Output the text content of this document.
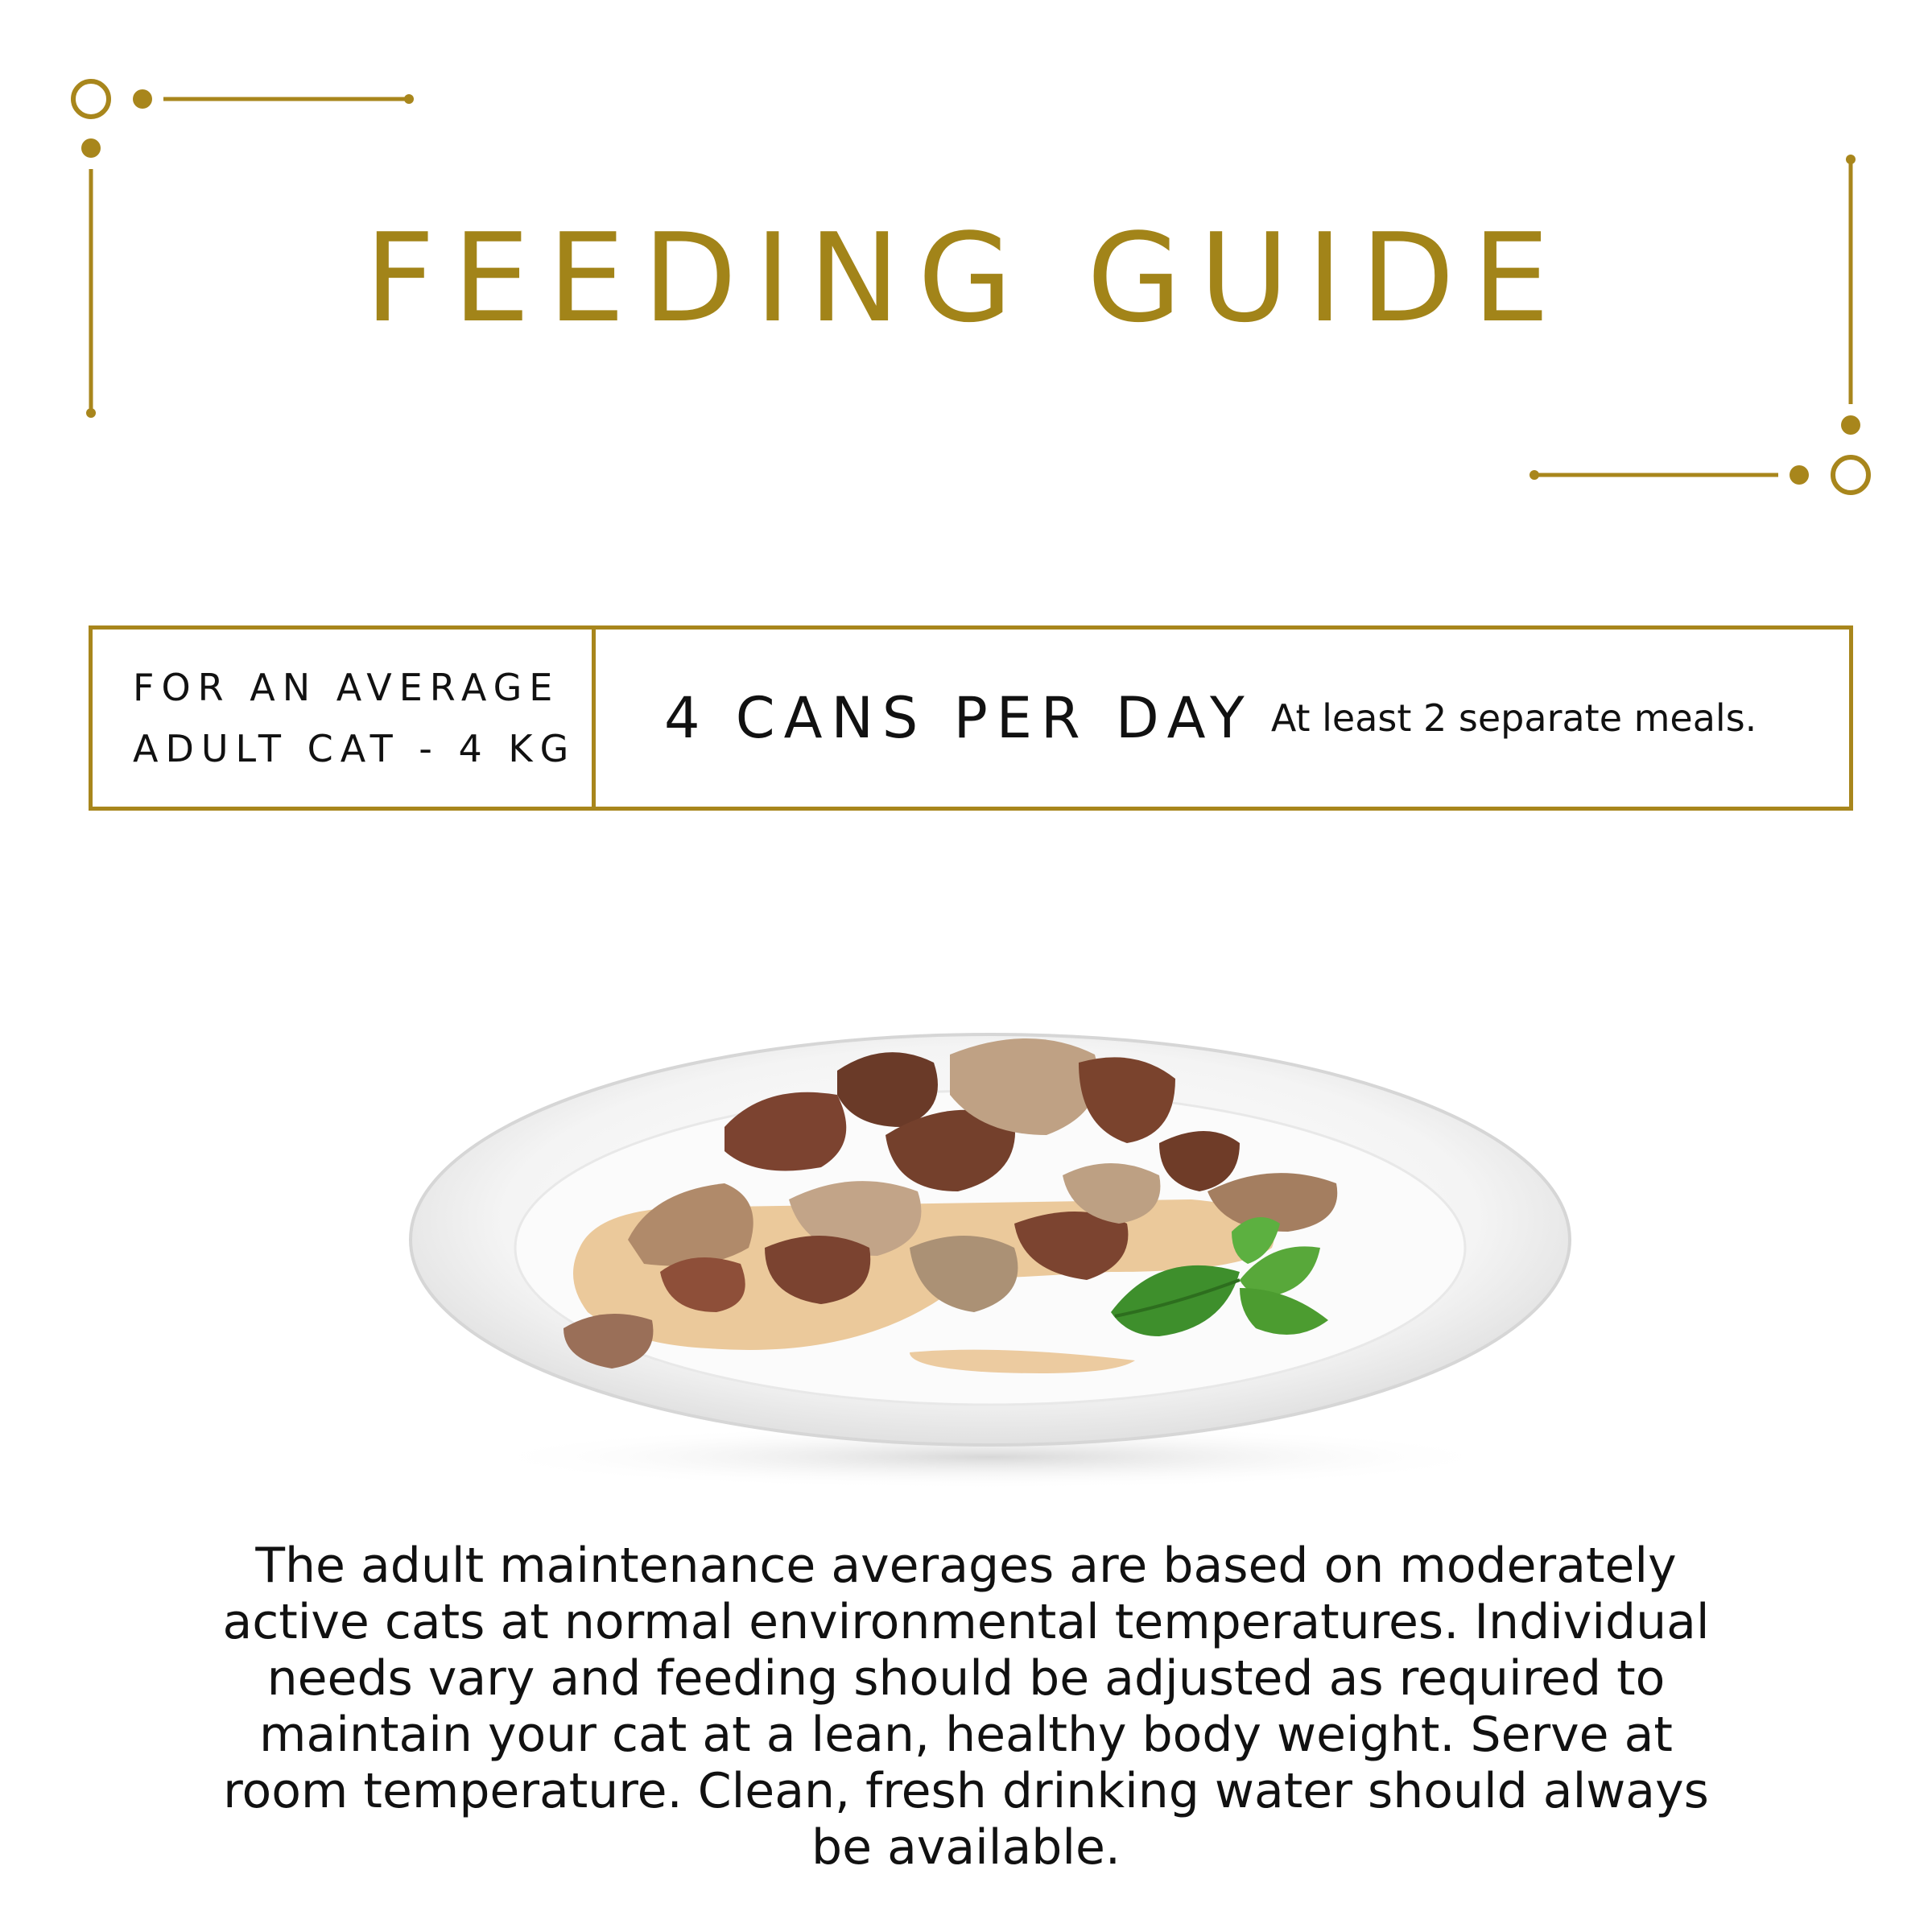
FEEDING GUIDE
FOR AN AVERAGE
ADULT CAT - 4 KG 4 CANS PER DAY At least 2 separate meals.

The adult maintenance averages are based on moderately active cats at normal environmental temperatures. Individual needs vary and feeding should be adjusted as required to maintain your cat at a lean, healthy body weight. Serve at room temperature. Clean, fresh drinking water should always be available.
